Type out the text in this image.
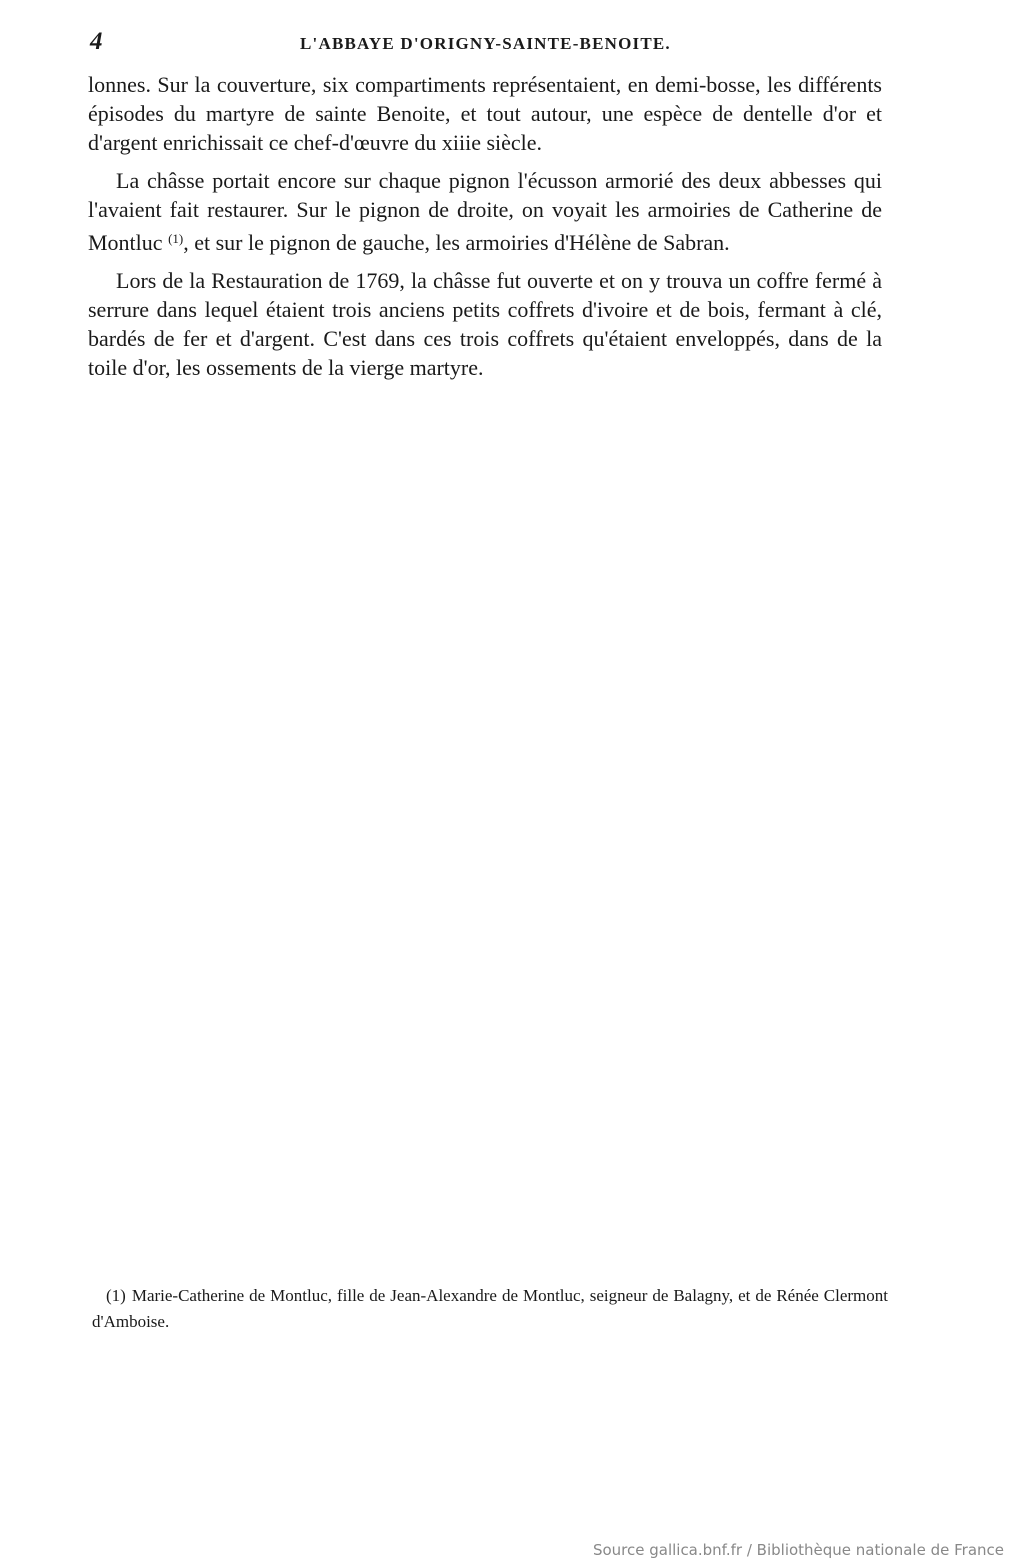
4	L'ABBAYE D'ORIGNY-SAINTE-BENOITE.

lonnes. Sur la couverture, six compartiments représentaient, en demi-bosse, les différents épisodes du martyre de sainte Benoite, et tout autour, une espèce de dentelle d'or et d'argent enrichissait ce chef-d'œuvre du xiiie siècle.

La châsse portait encore sur chaque pignon l'écusson armorié des deux abbesses qui l'avaient fait restaurer. Sur le pignon de droite, on voyait les armoiries de Catherine de Montluc $^{(1)}$, et sur le pignon de gauche, les armoiries d'Hélène de Sabran.

Lors de la Restauration de 1769, la châsse fut ouverte et on y trouva un coffre fermé à serrure dans lequel étaient trois anciens petits coffrets d'ivoire et de bois, fermant à clé, bardés de fer et d'argent. C'est dans ces trois coffrets qu'étaient enveloppés, dans de la toile d'or, les ossements de la vierge martyre.

(1) Marie-Catherine de Montluc, fille de Jean-Alexandre de Montluc, seigneur de Balagny, et de Rénée Clermont d'Amboise.

Source gallica.bnf.fr / Bibliothèque nationale de France
